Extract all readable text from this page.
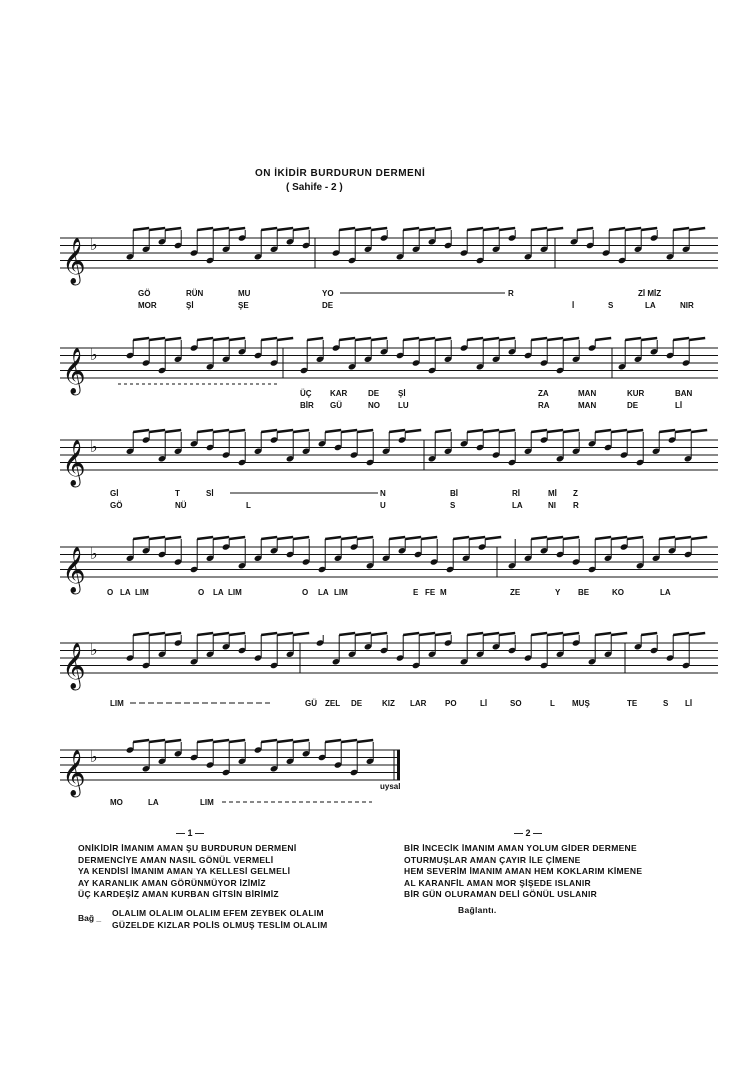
ON İKİDİR BURDURUN DERMENİ
( Sahife - 2 )
𝄞 ♭
𝄞 ♭
𝄞 ♭
𝄞 ♭
𝄞 ♭
𝄞 ♭
GÖ	RÜN	MU	YO	R	Zİ MİZ
MOR	Şİ	ŞE	DE	İ	S	LA	NIR
ÜÇ KAR	DE Şİ	ZA	MAN	KUR	BAN
BİR GÜ	NO LU	RA	MAN	DE	Lİ
Gİ	T	Sİ	N	Bİ	Rİ	Mİ Z
GÖ	NÜ	L	U	S	LA	NI R
O LA LIM	O LA LIM	O LA LIM	E FE M	ZE	Y BE	KO	LA
LIM	GÜ ZEL DE KIZ LAR PO	Lİ	SO	L MUŞ	TE	S Lİ
MO	LA	LIM
uysal
— 1 —
ONİKİDİR İMANIM AMAN ŞU BURDURUN DERMENİ
DERMENCİYE AMAN NASIL GÖNÜL VERMELİ
YA KENDİSİ İMANIM AMAN YA KELLESİ GELMELİ
AY KARANLIK AMAN GÖRÜNMÜYOR İZİMİZ
ÜÇ KARDEŞİZ AMAN KURBAN GİTSİN BİRİMİZ
Bağ _ OLALIM OLALIM OLALIM EFEM ZEYBEK OLALIM
GÜZELDE KIZLAR POLİS OLMUŞ TESLİM OLALIM
— 2 —
BİR İNCECİK İMANIM AMAN YOLUM GİDER DERMENE
OTURMUŞLAR AMAN ÇAYIR İLE ÇİMENE
HEM SEVERİM İMANIM AMAN HEM KOKLARIM KİMENE
AL KARANFİL AMAN MOR ŞİŞEDE ISLANIR
BİR GÜN OLURAMAN DELİ GÖNÜL USLANIR
Bağlantı.
